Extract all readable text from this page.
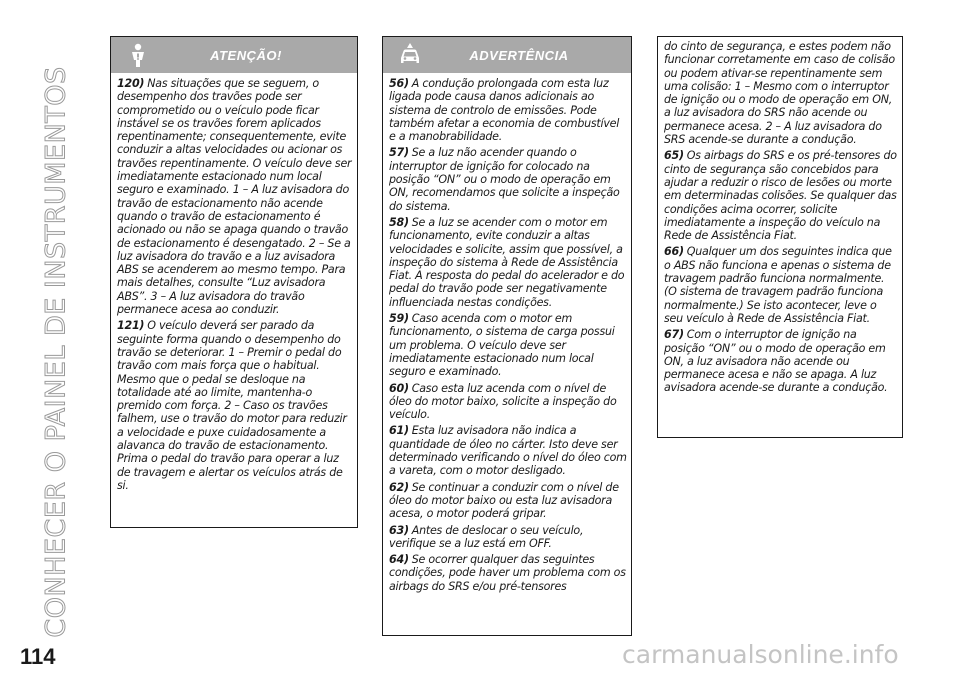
CONHECER O PAINEL DE INSTRUMENTOS
ATENÇÃO!

120) Nas situações que se seguem, o desempenho dos travões pode ser comprometido ou o veículo pode ficar instável se os travões forem aplicados repentinamente; consequentemente, evite conduzir a altas velocidades ou acionar os travões repentinamente. O veículo deve ser imediatamente estacionado num local seguro e examinado. 1 – A luz avisadora do travão de estacionamento não acende quando o travão de estacionamento é acionado ou não se apaga quando o travão de estacionamento é desengatado. 2 – Se a luz avisadora do travão e a luz avisadora ABS se acenderem ao mesmo tempo. Para mais detalhes, consulte “Luz avisadora ABS”. 3 – A luz avisadora do travão permanece acesa ao conduzir.

121) O veículo deverá ser parado da seguinte forma quando o desempenho do travão se deteriorar. 1 – Premir o pedal do travão com mais força que o habitual. Mesmo que o pedal se desloque na totalidade até ao limite, mantenha-o premido com força. 2 – Caso os travões falhem, use o travão do motor para reduzir a velocidade e puxe cuidadosamente a alavanca do travão de estacionamento. Prima o pedal do travão para operar a luz de travagem e alertar os veículos atrás de si.

ADVERTÊNCIA

56) A condução prolongada com esta luz ligada pode causa danos adicionais ao sistema de controlo de emissões. Pode também afetar a economia de combustível e a manobrabilidade.

57) Se a luz não acender quando o interruptor de ignição for colocado na posição “ON” ou o modo de operação em ON, recomendamos que solicite a inspeção do sistema.

58) Se a luz se acender com o motor em funcionamento, evite conduzir a altas velocidades e solicite, assim que possível, a inspeção do sistema à Rede de Assistência Fiat. A resposta do pedal do acelerador e do pedal do travão pode ser negativamente influenciada nestas condições.

59) Caso acenda com o motor em funcionamento, o sistema de carga possui um problema. O veículo deve ser imediatamente estacionado num local seguro e examinado.

60) Caso esta luz acenda com o nível de óleo do motor baixo, solicite a inspeção do veículo.

61) Esta luz avisadora não indica a quantidade de óleo no cárter. Isto deve ser determinado verificando o nível do óleo com a vareta, com o motor desligado.

62) Se continuar a conduzir com o nível de óleo do motor baixo ou esta luz avisadora acesa, o motor poderá gripar.

63) Antes de deslocar o seu veículo, verifique se a luz está em OFF.

64) Se ocorrer qualquer das seguintes condições, pode haver um problema com os airbags do SRS e/ou pré-tensores

do cinto de segurança, e estes podem não funcionar corretamente em caso de colisão ou podem ativar-se repentinamente sem uma colisão: 1 – Mesmo com o interruptor de ignição ou o modo de operação em ON, a luz avisadora do SRS não acende ou permanece acesa. 2 – A luz avisadora do SRS acende-se durante a condução.

65) Os airbags do SRS e os pré-tensores do cinto de segurança são concebidos para ajudar a reduzir o risco de lesões ou morte em determinadas colisões. Se qualquer das condições acima ocorrer, solicite imediatamente a inspeção do veículo na Rede de Assistência Fiat.

66) Qualquer um dos seguintes indica que o ABS não funciona e apenas o sistema de travagem padrão funciona normalmente. (O sistema de travagem padrão funciona normalmente.) Se isto acontecer, leve o seu veículo à Rede de Assistência Fiat.

67) Com o interruptor de ignição na posição “ON” ou o modo de operação em ON, a luz avisadora não acende ou permanece acesa e não se apaga. A luz avisadora acende-se durante a condução.

114	carmanualsonline.info
